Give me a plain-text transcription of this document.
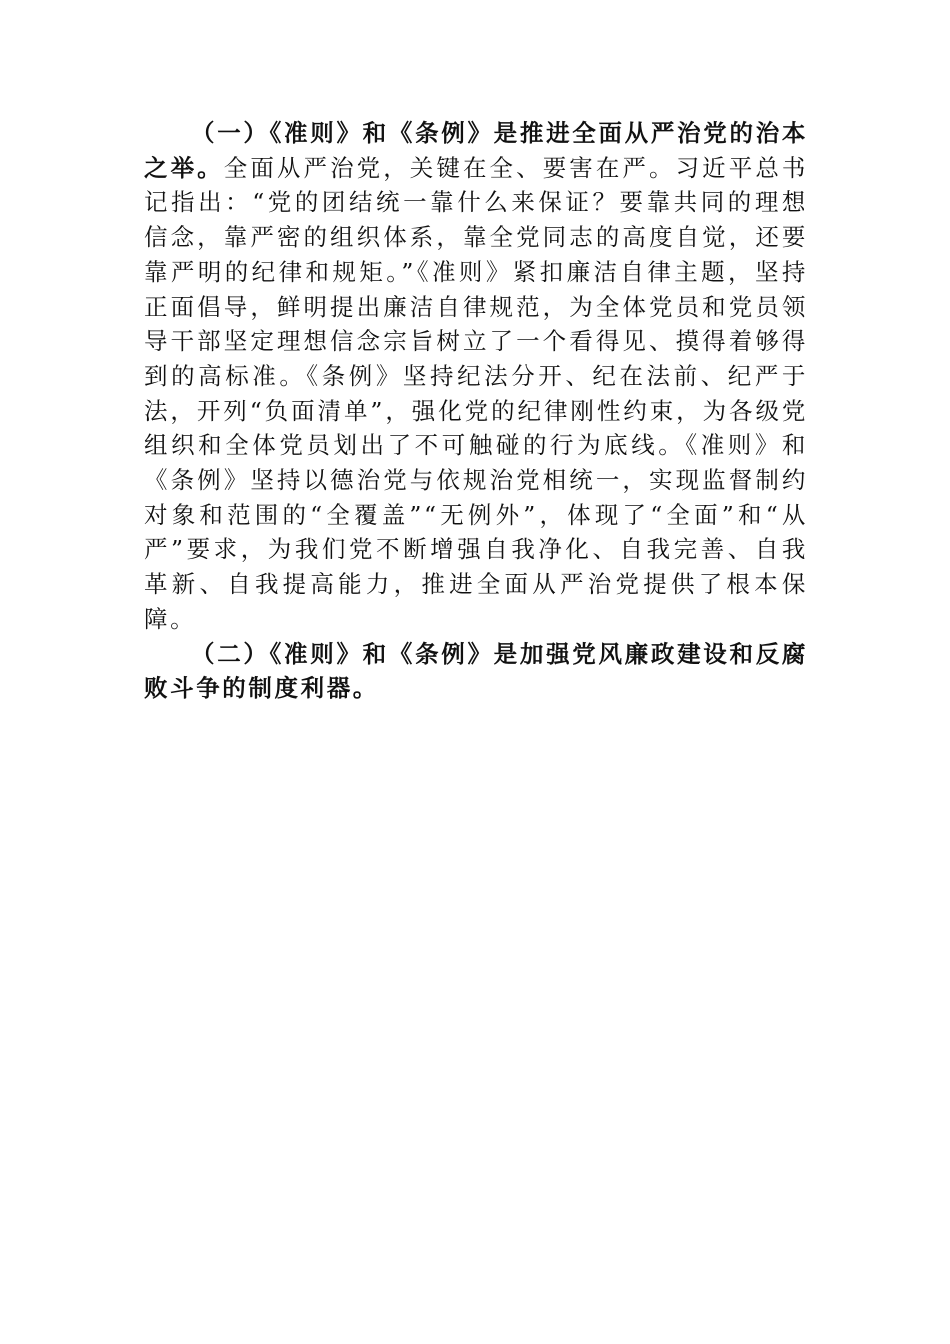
（一）《准则》和《条例》是推进全面从严治党的治本之举。全面从严治党，关键在全、要害在严。习近平总书记指出：“党的团结统一靠什么来保证？要靠共同的理想信念，靠严密的组织体系，靠全党同志的高度自觉，还要靠严明的纪律和规矩。”《准则》紧扣廉洁自律主题，坚持正面倡导，鲜明提出廉洁自律规范，为全体党员和党员领导干部坚定理想信念宗旨树立了一个看得见、摸得着够得到的高标准。《条例》坚持纪法分开、纪在法前、纪严于法，开列“负面清单”，强化党的纪律刚性约束，为各级党组织和全体党员划出了不可触碰的行为底线。《准则》和《条例》坚持以德治党与依规治党相统一，实现监督制约对象和范围的“全覆盖”“无例外”，体现了“全面”和“从严”要求，为我们党不断增强自我净化、自我完善、自我革新、自我提高能力，推进全面从严治党提供了根本保障。

（二）《准则》和《条例》是加强党风廉政建设和反腐败斗争的制度利器。
